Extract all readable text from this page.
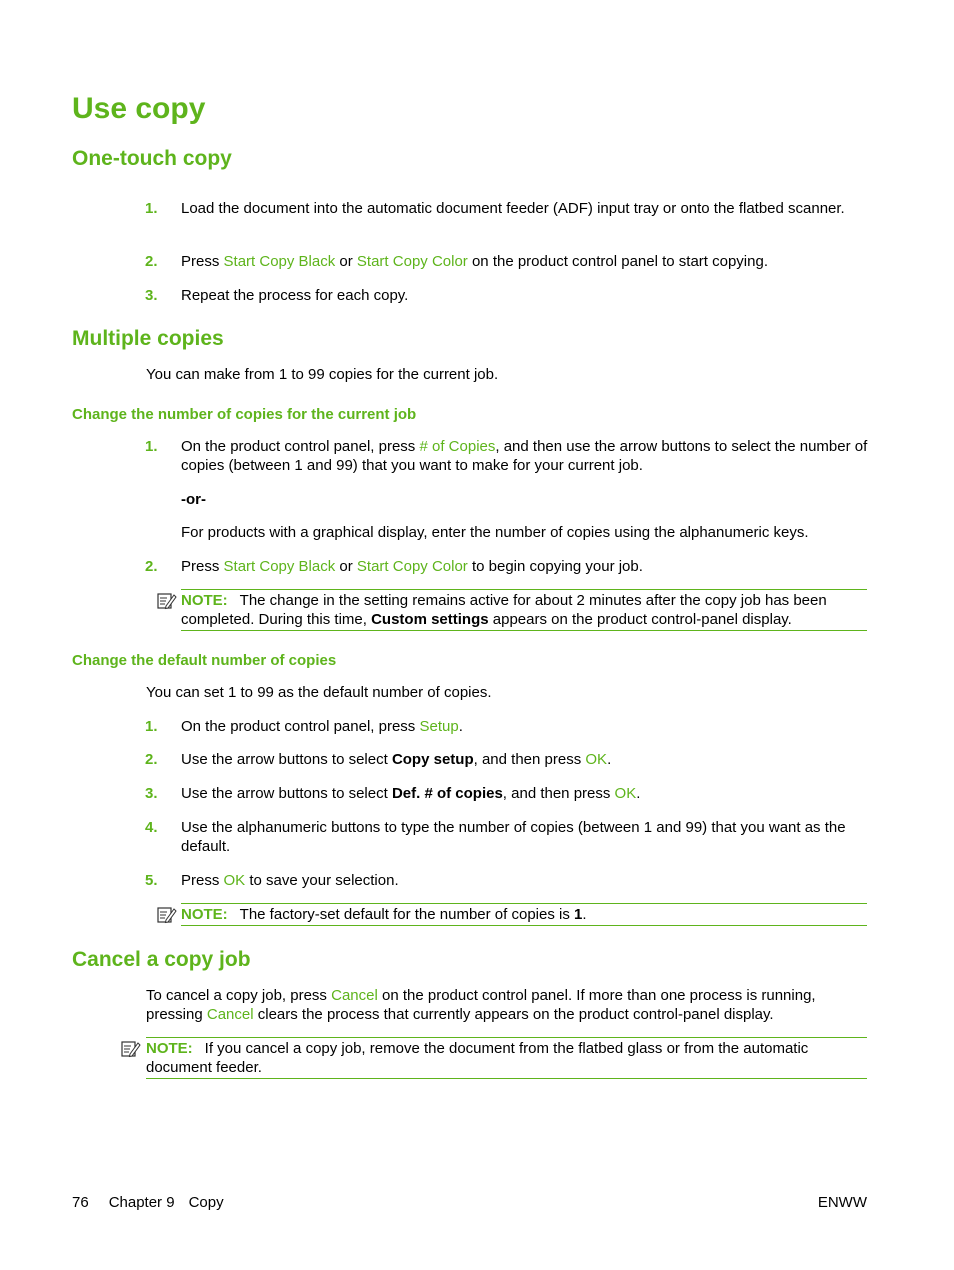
Use copy
One-touch copy
1.	Load the document into the automatic document feeder (ADF) input tray or onto the flatbed scanner.
2.	Press Start Copy Black or Start Copy Color on the product control panel to start copying.
3.	Repeat the process for each copy.
Multiple copies
You can make from 1 to 99 copies for the current job.
Change the number of copies for the current job
1.	On the product control panel, press # of Copies, and then use the arrow buttons to select the number of copies (between 1 and 99) that you want to make for your current job.
-or-
For products with a graphical display, enter the number of copies using the alphanumeric keys.
2.	Press Start Copy Black or Start Copy Color to begin copying your job.
NOTE: The change in the setting remains active for about 2 minutes after the copy job has been completed. During this time, Custom settings appears on the product control-panel display.
Change the default number of copies
You can set 1 to 99 as the default number of copies.
1.	On the product control panel, press Setup.
2.	Use the arrow buttons to select Copy setup, and then press OK.
3.	Use the arrow buttons to select Def. # of copies, and then press OK.
4.	Use the alphanumeric buttons to type the number of copies (between 1 and 99) that you want as the default.
5.	Press OK to save your selection.
NOTE: The factory-set default for the number of copies is 1.
Cancel a copy job
To cancel a copy job, press Cancel on the product control panel. If more than one process is running, pressing Cancel clears the process that currently appears on the product control-panel display.
NOTE: If you cancel a copy job, remove the document from the flatbed glass or from the automatic document feeder.
76 Chapter 9 Copy	ENWW
